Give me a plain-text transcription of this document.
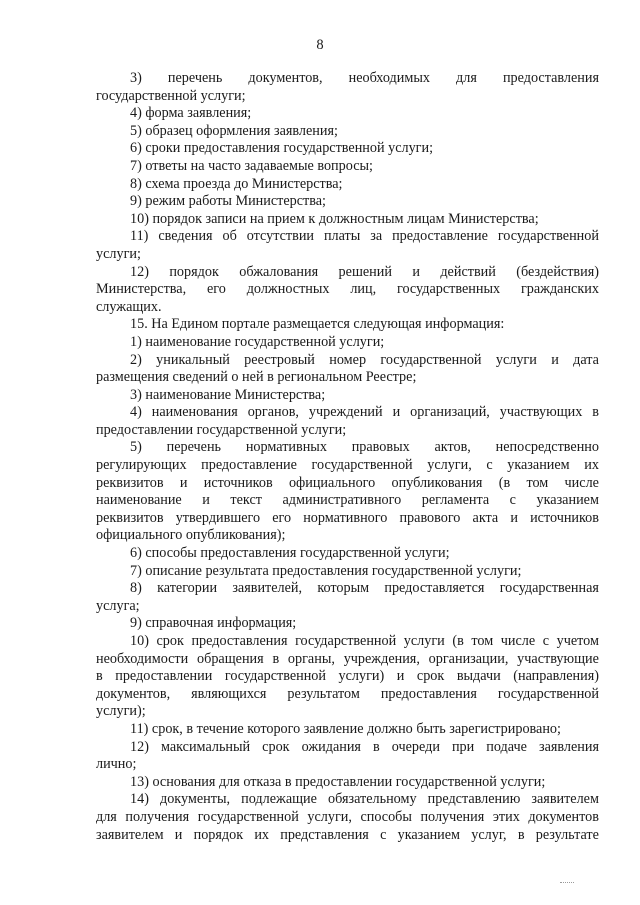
8
3) перечень документов, необходимых для предоставления
государственной услуги;
4) форма заявления;
5) образец оформления заявления;
6) сроки предоставления государственной услуги;
7) ответы на часто задаваемые вопросы;
8) схема проезда до Министерства;
9) режим работы Министерства;
10) порядок записи на прием к должностным лицам Министерства;
11) сведения об отсутствии платы за предоставление государственной
услуги;
12) порядок обжалования решений и действий (бездействия)
Министерства, его должностных лиц, государственных гражданских
служащих.
15. На Едином портале размещается следующая информация:
1) наименование государственной услуги;
2) уникальный реестровый номер государственной услуги и дата
размещения сведений о ней в региональном Реестре;
3) наименование Министерства;
4) наименования органов, учреждений и организаций, участвующих в
предоставлении государственной услуги;
5) перечень нормативных правовых актов, непосредственно
регулирующих предоставление государственной услуги, с указанием их
реквизитов и источников официального опубликования (в том числе
наименование и текст административного регламента с указанием
реквизитов утвердившего его нормативного правового акта и источников
официального опубликования);
6) способы предоставления государственной услуги;
7) описание результата предоставления государственной услуги;
8) категории заявителей, которым предоставляется государственная
услуга;
9) справочная информация;
10) срок предоставления государственной услуги (в том числе с учетом
необходимости обращения в органы, учреждения, организации, участвующие
в предоставлении государственной услуги) и срок выдачи (направления)
документов, являющихся результатом предоставления государственной
услуги);
11) срок, в течение которого заявление должно быть зарегистрировано;
12) максимальный срок ожидания в очереди при подаче заявления
лично;
13) основания для отказа в предоставлении государственной услуги;
14) документы, подлежащие обязательному представлению заявителем
для получения государственной услуги, способы получения этих документов
заявителем и порядок их представления с указанием услуг, в результате
